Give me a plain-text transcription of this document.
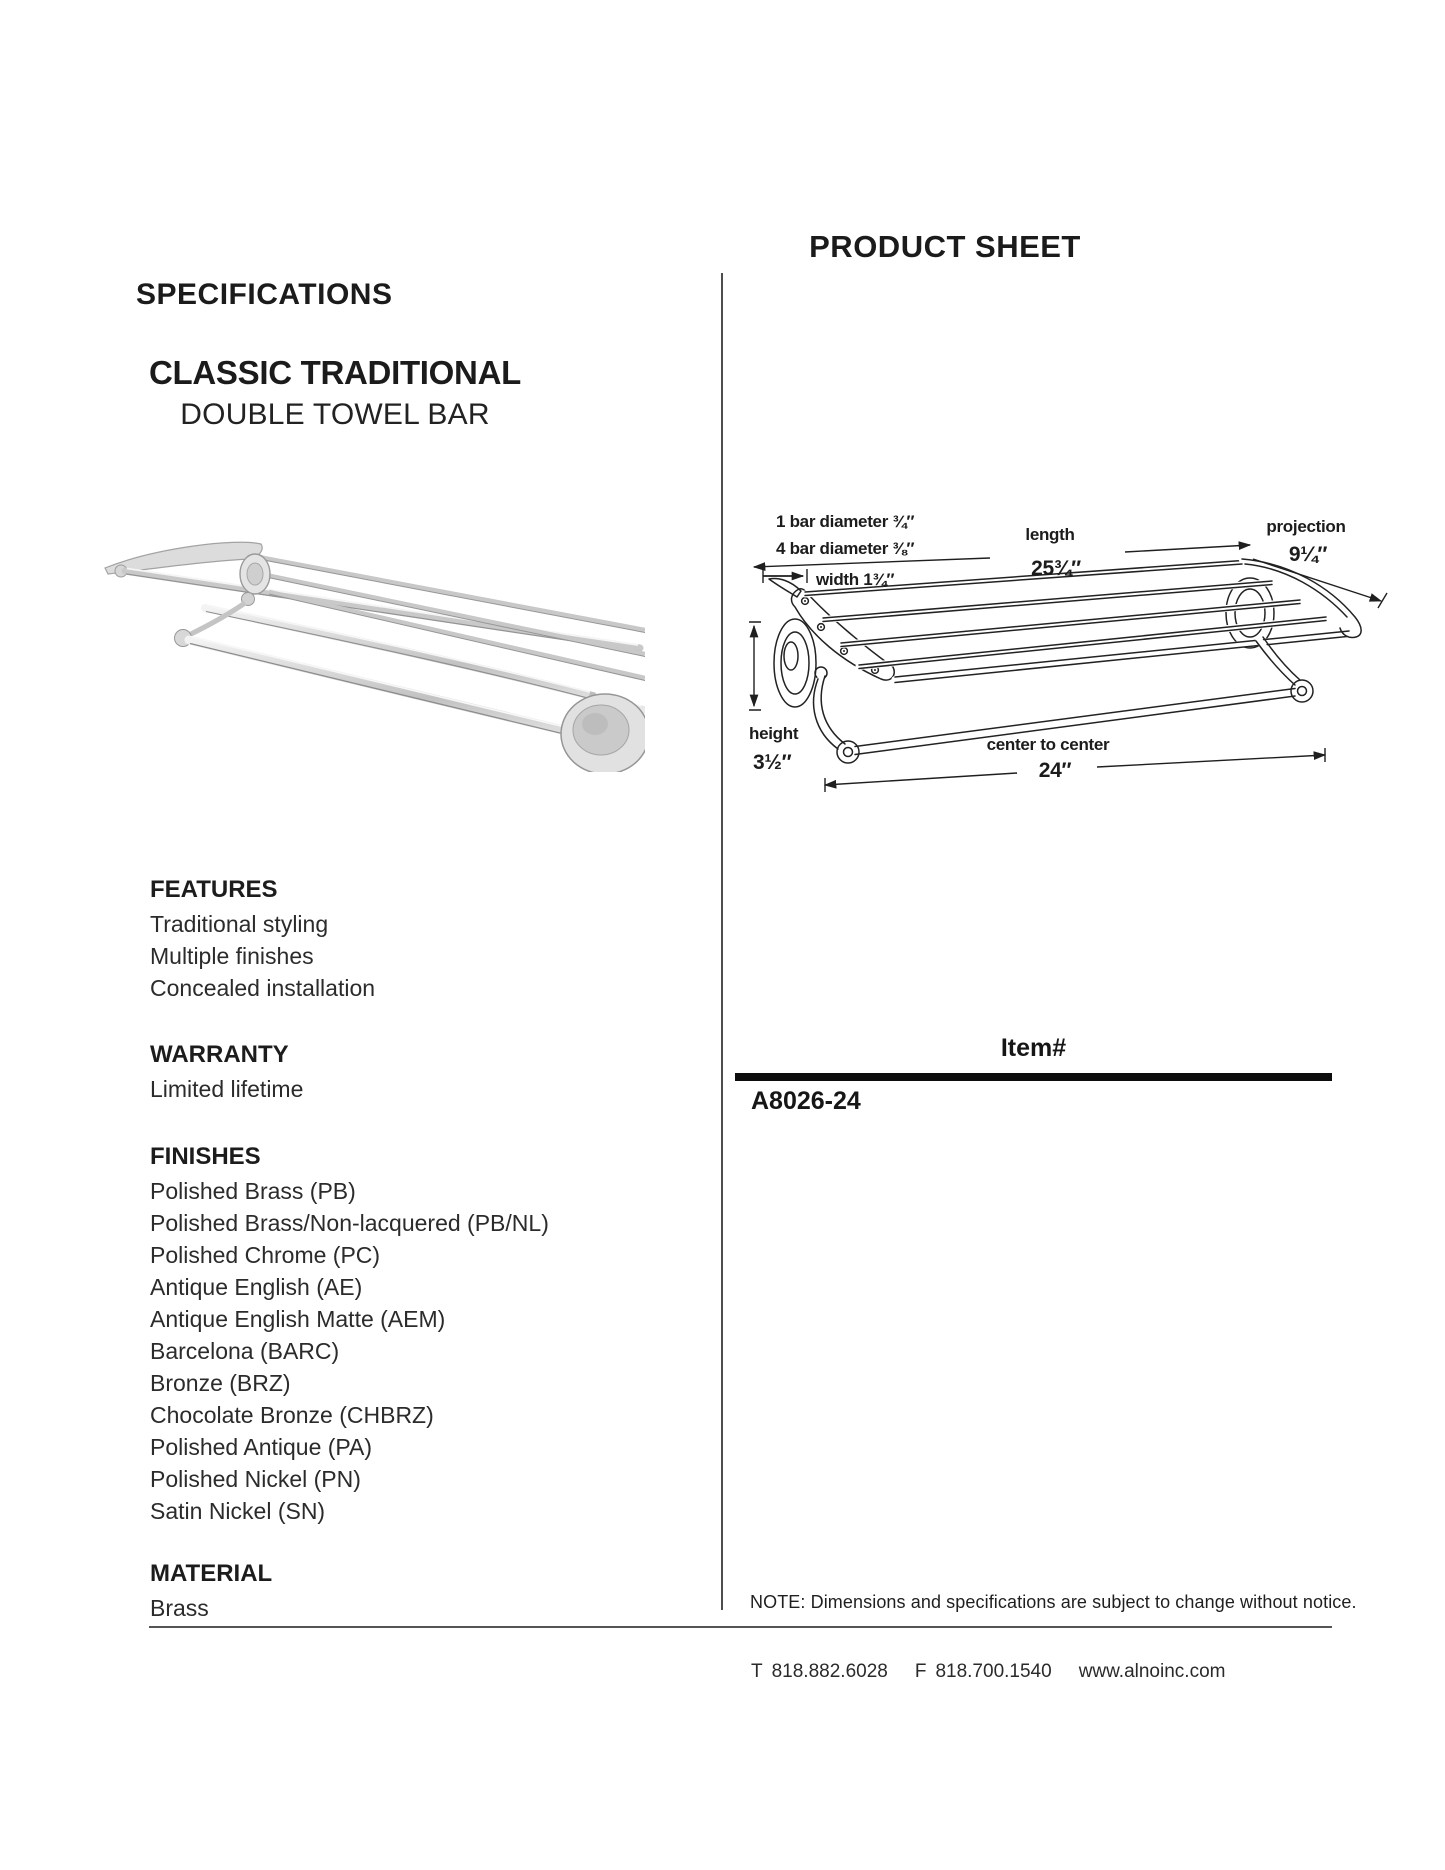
SPECIFICATIONS
PRODUCT SHEET
CLASSIC TRADITIONAL
DOUBLE TOWEL BAR
1 bar diameter ¾″
4 bar diameter ⅜″
length
25¾″
projection
9¼″
width 1¾″
height
3½″
center to center
24″
FEATURES
Traditional styling
Multiple finishes
Concealed installation
WARRANTY
Limited lifetime
FINISHES
Polished Brass (PB)
Polished Brass/Non-lacquered (PB/NL)
Polished Chrome (PC)
Antique English (AE)
Antique English Matte (AEM)
Barcelona (BARC)
Bronze (BRZ)
Chocolate Bronze (CHBRZ)
Polished Antique (PA)
Polished Nickel (PN)
Satin Nickel (SN)
MATERIAL
Brass
Item#
A8026-24
NOTE: Dimensions and specifications are subject to change without notice.
T 818.882.6028 F 818.700.1540 www.alnoinc.com
